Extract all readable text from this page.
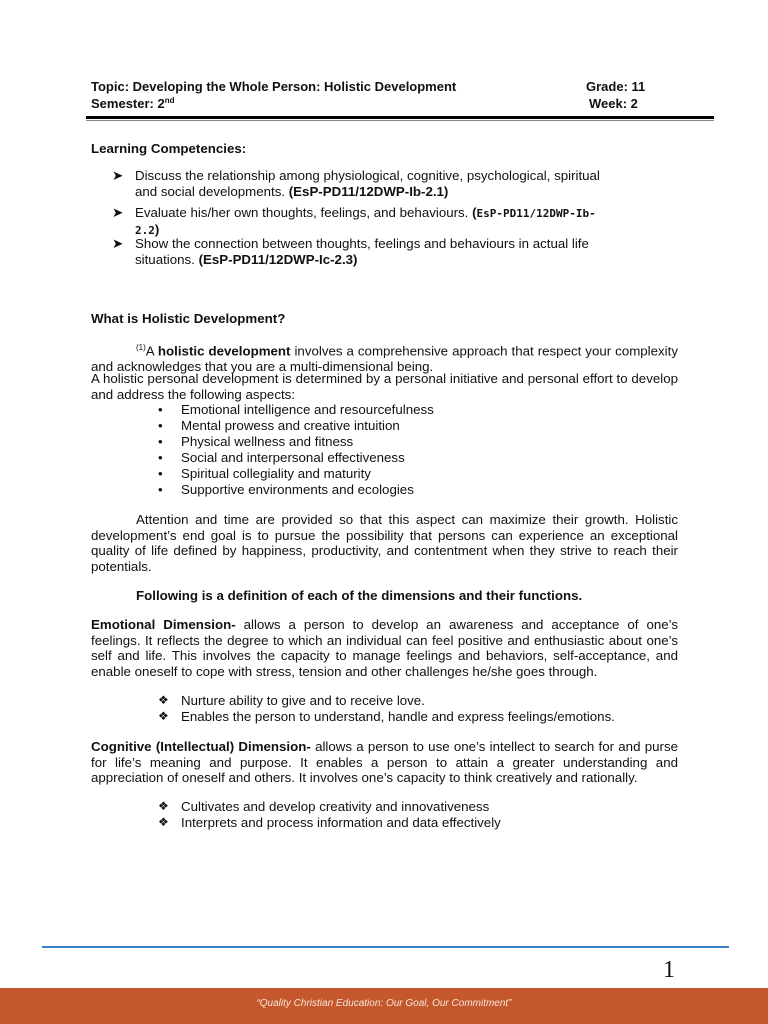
Topic: Developing the Whole Person: Holistic Development	Grade: 11
Semester: 2nd	Week: 2
Learning Competencies:
➤ Discuss the relationship among physiological, cognitive, psychological, spiritual
and social developments. (EsP-PD11/12DWP-Ib-2.1)
➤ Evaluate his/her own thoughts, feelings, and behaviours. (EsP-PD11/12DWP-Ib-
2.2)
➤ Show the connection between thoughts, feelings and behaviours in actual life
situations. (EsP-PD11/12DWP-Ic-2.3)
What is Holistic Development?
$^{(1)}$A holistic development involves a comprehensive approach that respect your complexity and acknowledges that you are a multi-dimensional being.
A holistic personal development is determined by a personal initiative and personal effort to develop and address the following aspects:
• Emotional intelligence and resourcefulness
• Mental prowess and creative intuition
• Physical wellness and fitness
• Social and interpersonal effectiveness
• Spiritual collegiality and maturity
• Supportive environments and ecologies
Attention and time are provided so that this aspect can maximize their growth. Holistic development’s end goal is to pursue the possibility that persons can experience an exceptional quality of life defined by happiness, productivity, and contentment when they strive to reach their potentials.
Following is a definition of each of the dimensions and their functions.
Emotional Dimension- allows a person to develop an awareness and acceptance of one’s feelings. It reflects the degree to which an individual can feel positive and enthusiastic about one’s self and life. This involves the capacity to manage feelings and behaviors, self-acceptance, and enable oneself to cope with stress, tension and other challenges he/she goes through.
❖ Nurture ability to give and to receive love.
❖ Enables the person to understand, handle and express feelings/emotions.
Cognitive (Intellectual) Dimension- allows a person to use one’s intellect to search for and purse for life’s meaning and purpose. It enables a person to attain a greater understanding and appreciation of oneself and others. It involves one’s capacity to think creatively and rationally.
❖ Cultivates and develop creativity and innovativeness
❖ Interprets and process information and data effectively
1
“Quality Christian Education: Our Goal, Our Commitment”
